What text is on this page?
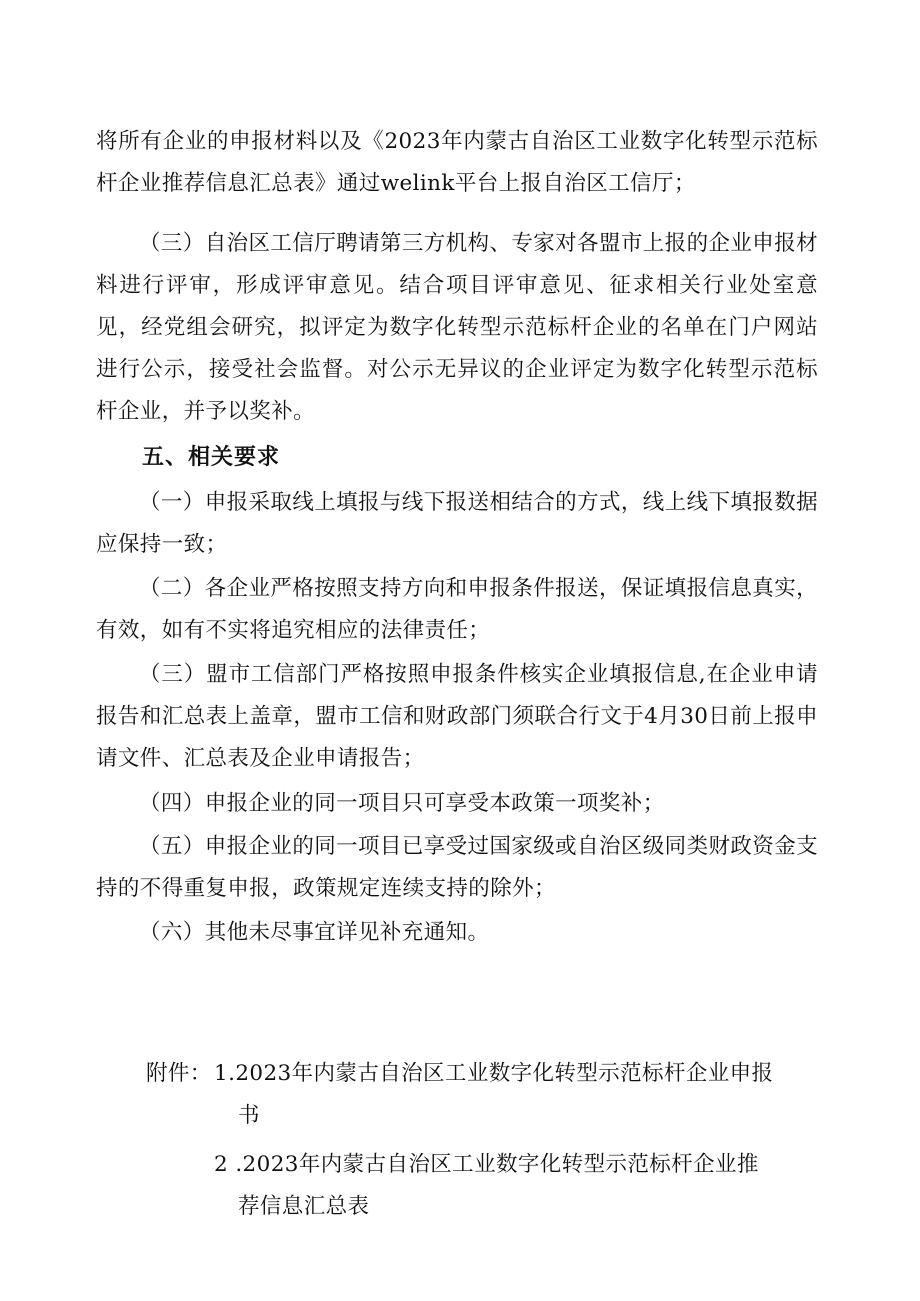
将所有企业的申报材料以及《2023年内蒙古自治区工业数字化转型示范标杆企业推荐信息汇总表》通过welink平台上报自治区工信厅；

（三）自治区工信厅聘请第三方机构、专家对各盟市上报的企业申报材料进行评审，形成评审意见。结合项目评审意见、征求相关行业处室意见，经党组会研究，拟评定为数字化转型示范标杆企业的名单在门户网站进行公示，接受社会监督。对公示无异议的企业评定为数字化转型示范标杆企业，并予以奖补。

五、相关要求

（一）申报采取线上填报与线下报送相结合的方式，线上线下填报数据应保持一致；

（二）各企业严格按照支持方向和申报条件报送，保证填报信息真实，有效，如有不实将追究相应的法律责任；

（三）盟市工信部门严格按照申报条件核实企业填报信息,在企业申请报告和汇总表上盖章，盟市工信和财政部门须联合行文于4月30日前上报申请文件、汇总表及企业申请报告；

（四）申报企业的同一项目只可享受本政策一项奖补；

（五）申报企业的同一项目已享受过国家级或自治区级同类财政资金支持的不得重复申报，政策规定连续支持的除外；

（六）其他未尽事宜详见补充通知。

附件： 1.2023年内蒙古自治区工业数字化转型示范标杆企业申报

书

2 .2023年内蒙古自治区工业数字化转型示范标杆企业推

荐信息汇总表
